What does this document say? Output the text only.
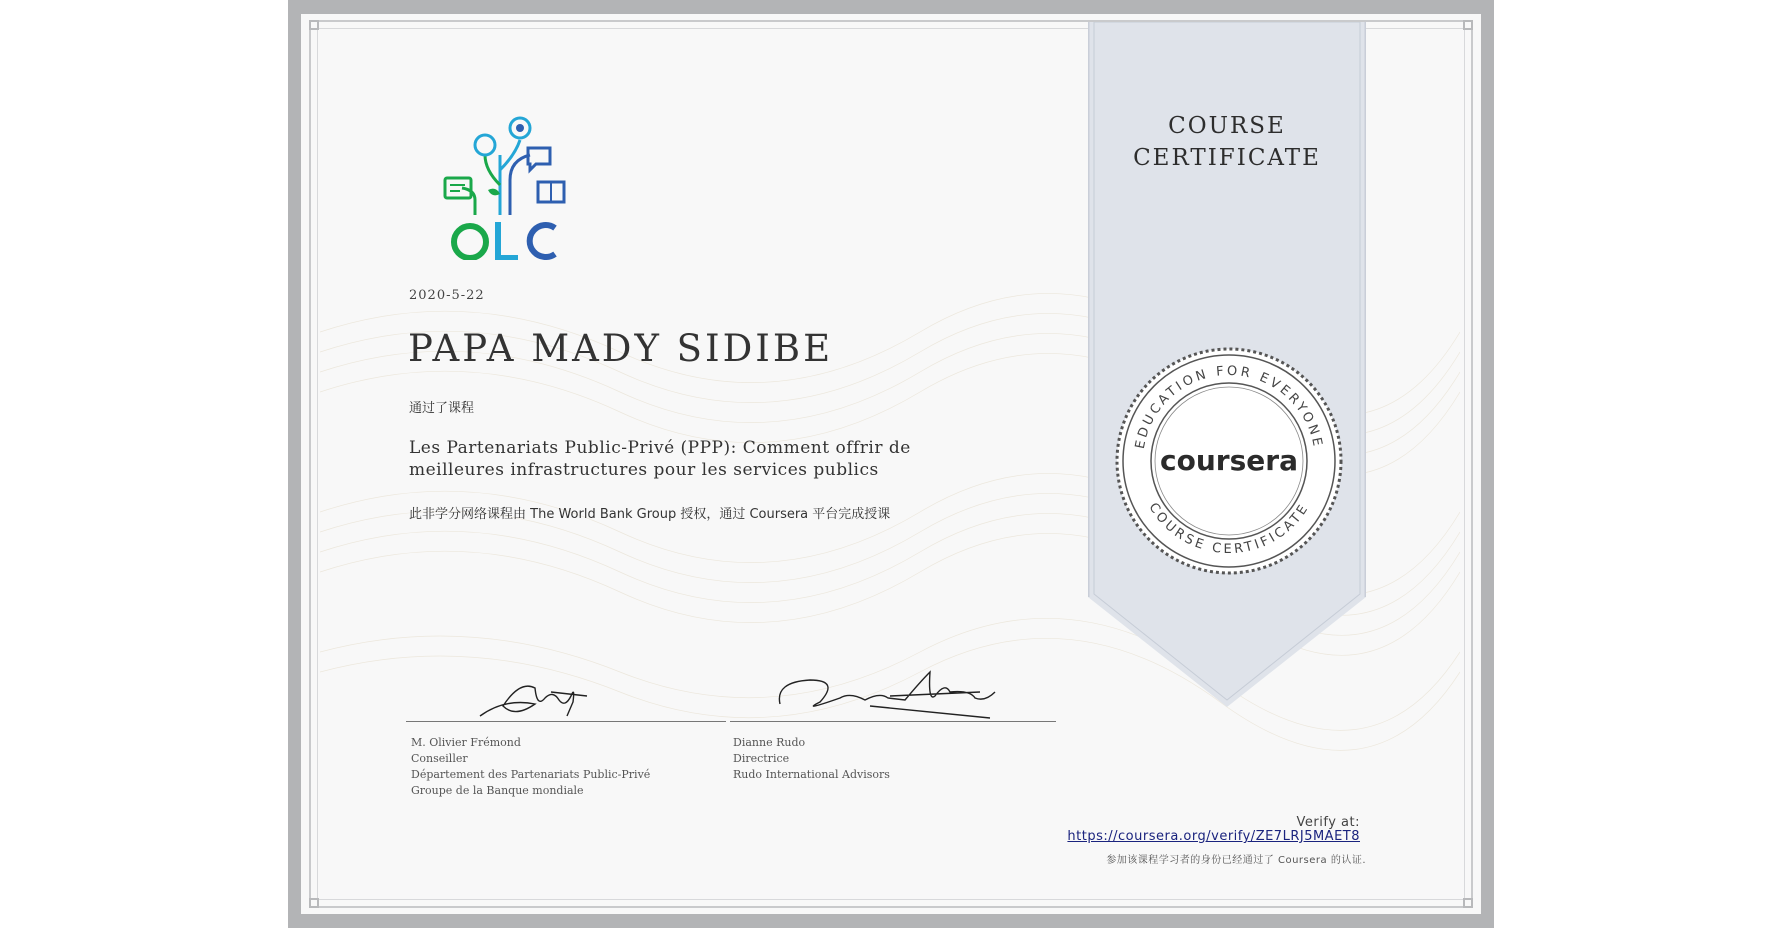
COURSE
CERTIFICATE
EDUCATION FOR EVERYONE
COURSE CERTIFICATE
coursera
2020-5-22
PAPA MADY SIDIBE
通过了课程
Les Partenariats Public-Privé (PPP): Comment offrir de
meilleures infrastructures pour les services publics
此非学分网络课程由 The World Bank Group 授权，通过 Coursera 平台完成授课
M. Olivier Frémond
Conseiller
Département des Partenariats Public-Privé
Groupe de la Banque mondiale
Dianne Rudo
Directrice
Rudo International Advisors
Verify at:
https://coursera.org/verify/ZE7LRJ5MAET8
参加该课程学习者的身份已经通过了 Coursera 的认证.
